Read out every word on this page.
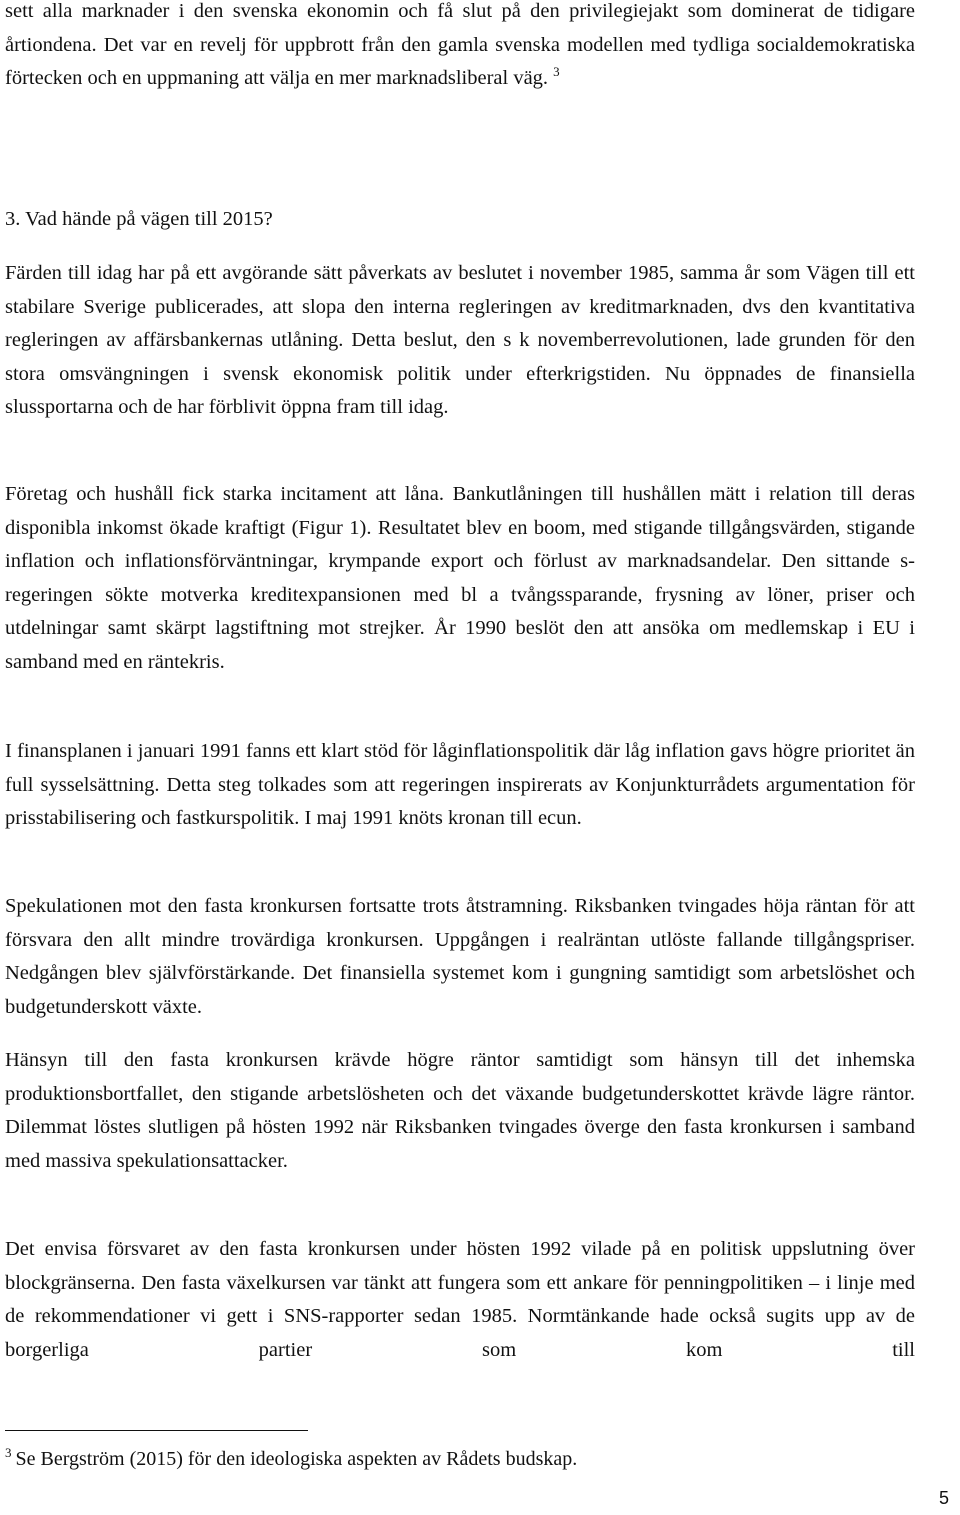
sett alla marknader i den svenska ekonomin och få slut på den privilegiejakt som dominerat de tidigare årtiondena. Det var en revelj för uppbrott från den gamla svenska modellen med tydliga socialdemokratiska förtecken och en uppmaning att välja en mer marknadsliberal väg. $^3$

3. Vad hände på vägen till 2015?

Färden till idag har på ett avgörande sätt påverkats av beslutet i november 1985, samma år som Vägen till ett stabilare Sverige publicerades, att slopa den interna regleringen av kreditmarknaden, dvs den kvantitativa regleringen av affärsbankernas utlåning. Detta beslut, den s k novemberrevolutionen, lade grunden för den stora omsvängningen i svensk ekonomisk politik under efterkrigstiden. Nu öppnades de finansiella slussportarna och de har förblivit öppna fram till idag.

Företag och hushåll fick starka incitament att låna. Bankutlåningen till hushållen mätt i relation till deras disponibla inkomst ökade kraftigt (Figur 1). Resultatet blev en boom, med stigande tillgångsvärden, stigande inflation och inflationsförväntningar, krympande export och förlust av marknadsandelar. Den sittande s-regeringen sökte motverka kreditexpansionen med bl a tvångssparande, frysning av löner, priser och utdelningar samt skärpt lagstiftning mot strejker. År 1990 beslöt den att ansöka om medlemskap i EU i samband med en räntekris.

I finansplanen i januari 1991 fanns ett klart stöd för låginflationspolitik där låg inflation gavs högre prioritet än full sysselsättning. Detta steg tolkades som att regeringen inspirerats av Konjunkturrådets argumentation för prisstabilisering och fastkurspolitik. I maj 1991 knöts kronan till ecun.

Spekulationen mot den fasta kronkursen fortsatte trots åtstramning. Riksbanken tvingades höja räntan för att försvara den allt mindre trovärdiga kronkursen. Uppgången i realräntan utlöste fallande tillgångspriser. Nedgången blev självförstärkande. Det finansiella systemet kom i gungning samtidigt som arbetslöshet och budgetunderskott växte.

Hänsyn till den fasta kronkursen krävde högre räntor samtidigt som hänsyn till det inhemska produktionsbortfallet, den stigande arbetslösheten och det växande budgetunderskottet krävde lägre räntor. Dilemmat löstes slutligen på hösten 1992 när Riksbanken tvingades överge den fasta kronkursen i samband med massiva spekulationsattacker.

Det envisa försvaret av den fasta kronkursen under hösten 1992 vilade på en politisk uppslutning över blockgränserna. Den fasta växelkursen var tänkt att fungera som ett ankare för penningpolitiken – i linje med de rekommendationer vi gett i SNS-rapporter sedan 1985. Normtänkande hade också sugits upp av de borgerliga partier som kom till

$^3$ Se Bergström (2015) för den ideologiska aspekten av Rådets budskap.

5
